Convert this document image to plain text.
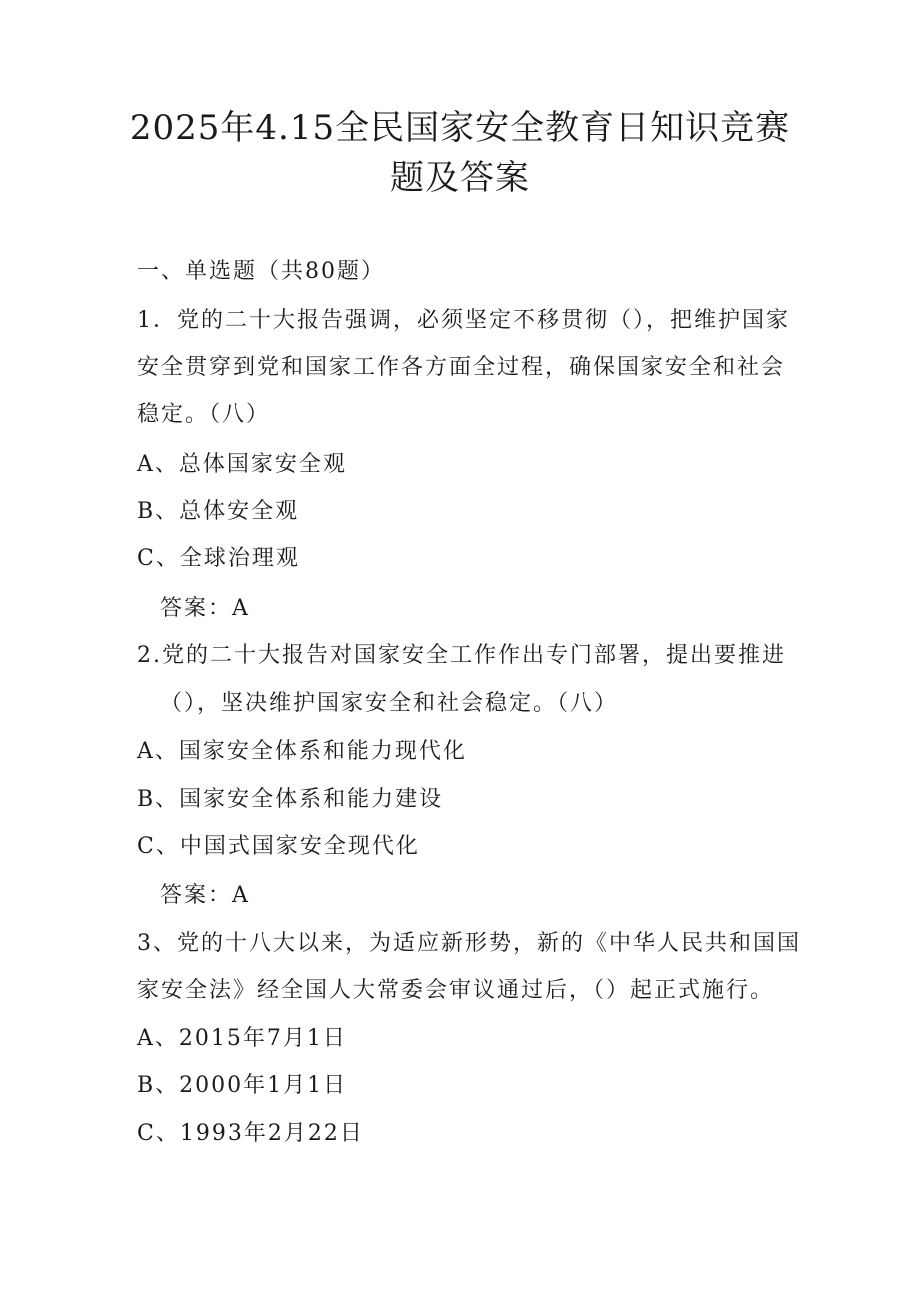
2025年4.15全民国家安全教育日知识竞赛
题及答案
一、单选题（共80题）
1．党的二十大报告强调，必须坚定不移贯彻（），把维护国家
安全贯穿到党和国家工作各方面全过程，确保国家安全和社会
稳定。（八）
A、总体国家安全观
B、总体安全观
C、全球治理观
答案：A
2.党的二十大报告对国家安全工作作出专门部署，提出要推进
（），坚决维护国家安全和社会稳定。（八）
A、国家安全体系和能力现代化
B、国家安全体系和能力建设
C、中国式国家安全现代化
答案：A
3、党的十八大以来，为适应新形势，新的《中华人民共和国国
家安全法》经全国人大常委会审议通过后，（）起正式施行。
A、2015年7月1日
B、2000年1月1日
C、1993年2月22日
